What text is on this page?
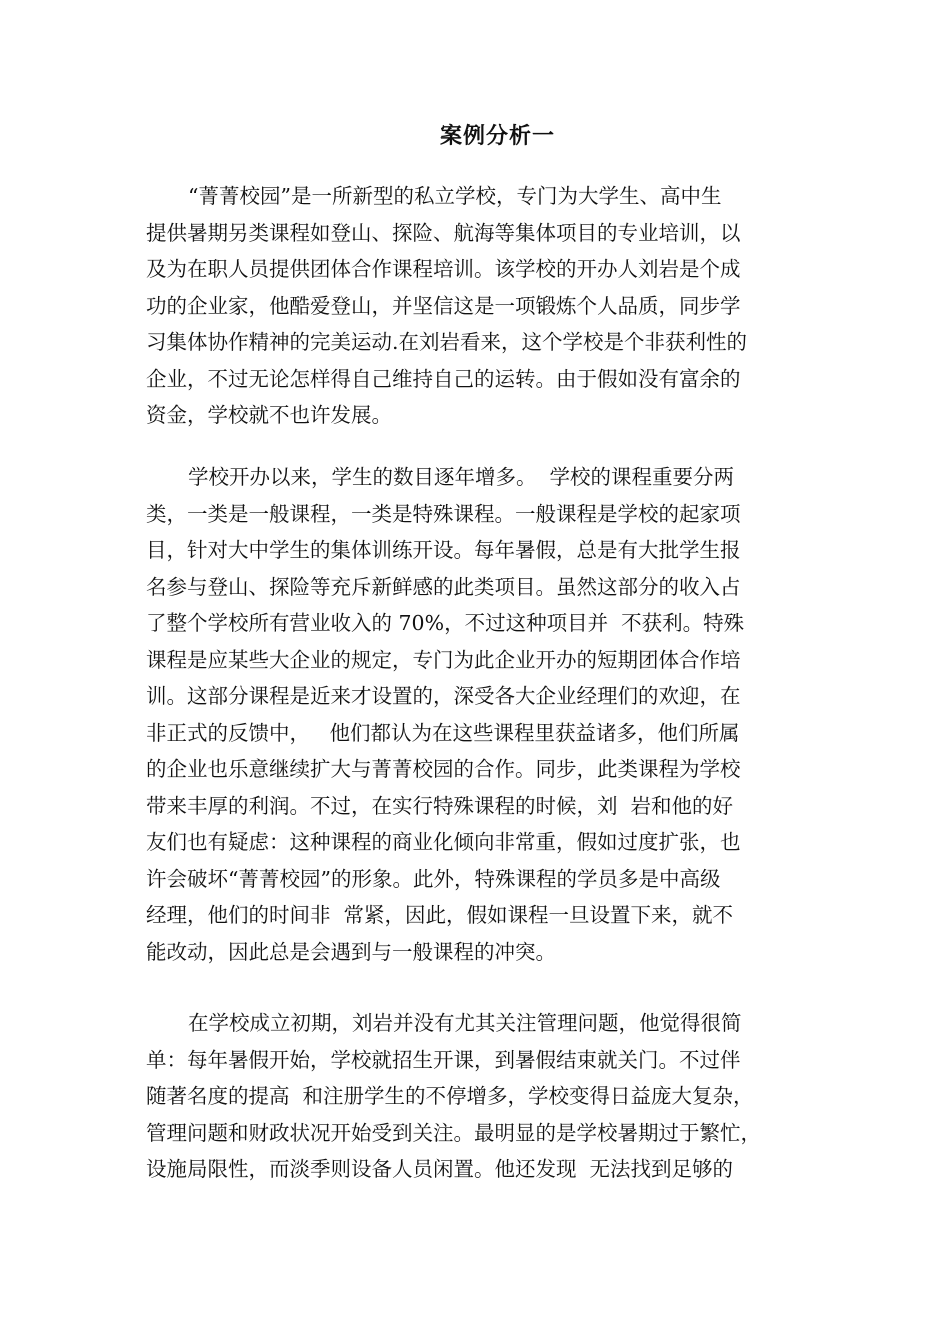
案例分析一
“菁菁校园”是一所新型的私立学校，专门为大学生、高中生
提供暑期另类课程如登山、探险、航海等集体项目的专业培训，以
及为在职人员提供团体合作课程培训。该学校的开办人刘岩是个成
功的企业家，他酷爱登山，并坚信这是一项锻炼个人品质，同步学
习集体协作精神的完美运动.在刘岩看来，这个学校是个非获利性的
企业，不过无论怎样得自己维持自己的运转。由于假如没有富余的
资金，学校就不也许发展。
学校开办以来，学生的数目逐年增多。  学校的课程重要分两
类，一类是一般课程，一类是特殊课程。一般课程是学校的起家项
目，针对大中学生的集体训练开设。每年暑假，总是有大批学生报
名参与登山、探险等充斥新鲜感的此类项目。虽然这部分的收入占
了整个学校所有营业收入的 70%，不过这种项目并  不获利。特殊
课程是应某些大企业的规定，专门为此企业开办的短期团体合作培
训。这部分课程是近来才设置的，深受各大企业经理们的欢迎，在
非正式的反馈中，   他们都认为在这些课程里获益诸多，他们所属
的企业也乐意继续扩大与菁菁校园的合作。同步，此类课程为学校
带来丰厚的利润。不过，在实行特殊课程的时候，刘  岩和他的好
友们也有疑虑：这种课程的商业化倾向非常重，假如过度扩张，也
许会破坏“菁菁校园”的形象。此外，特殊课程的学员多是中高级
经理，他们的时间非  常紧，因此，假如课程一旦设置下来，就不
能改动，因此总是会遇到与一般课程的冲突。
在学校成立初期，刘岩并没有尤其关注管理问题，他觉得很简
单：每年暑假开始，学校就招生开课，到暑假结束就关门。不过伴
随著名度的提高  和注册学生的不停增多，学校变得日益庞大复杂，
管理问题和财政状况开始受到关注。最明显的是学校暑期过于繁忙，
设施局限性，而淡季则设备人员闲置。他还发现  无法找到足够的
